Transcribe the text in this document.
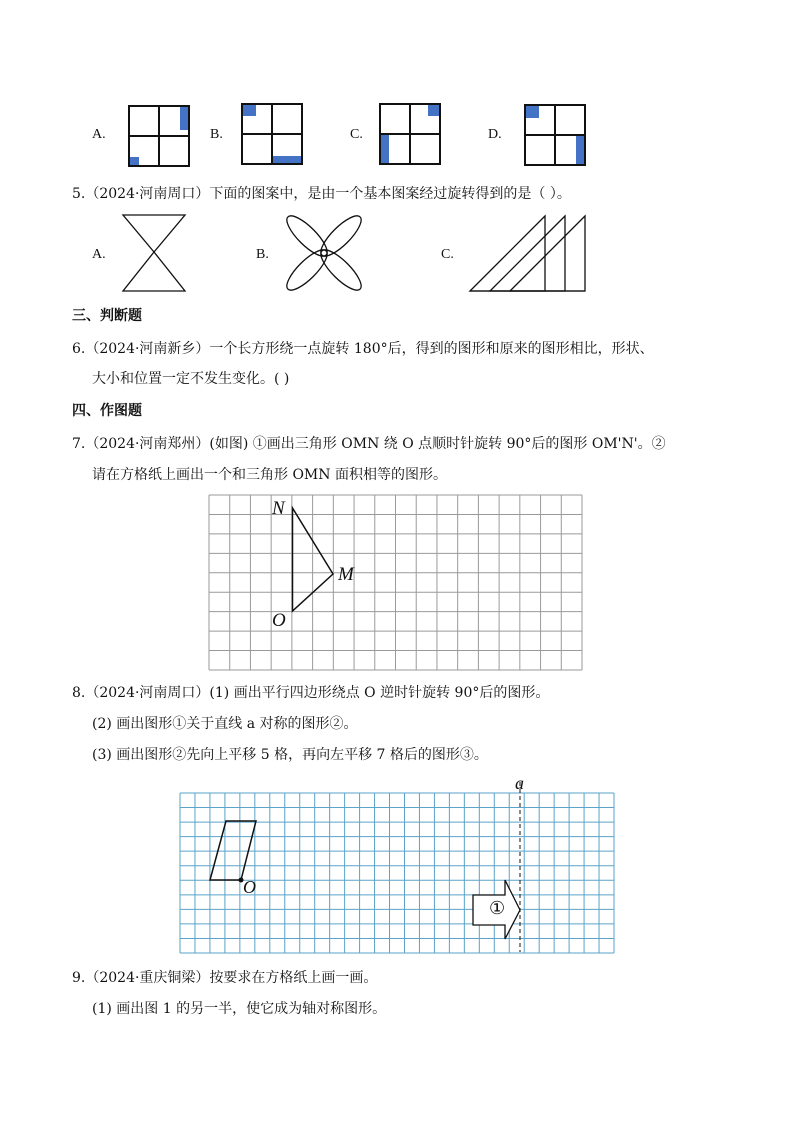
A.	B.	C.	D.
5.（2024·河南周口）下面的图案中，是由一个基本图案经过旋转得到的是（ ）。
A.	B.	C.
三、判断题
6.（2024·河南新乡）一个长方形绕一点旋转 180°后，得到的图形和原来的图形相比，形状、
大小和位置一定不发生变化。( )
四、作图题
7.（2024·河南郑州）(如图) ①画出三角形 OMN 绕 O 点顺时针旋转 90°后的图形 OM'N'。②
请在方格纸上画出一个和三角形 OMN 面积相等的图形。
N
M
O
8.（2024·河南周口）(1) 画出平行四边形绕点 O 逆时针旋转 90°后的图形。
(2) 画出图形①关于直线 a 对称的图形②。
(3) 画出图形②先向上平移 5 格，再向左平移 7 格后的图形③。
a
O
①
9.（2024·重庆铜梁）按要求在方格纸上画一画。
(1) 画出图 1 的另一半，使它成为轴对称图形。
